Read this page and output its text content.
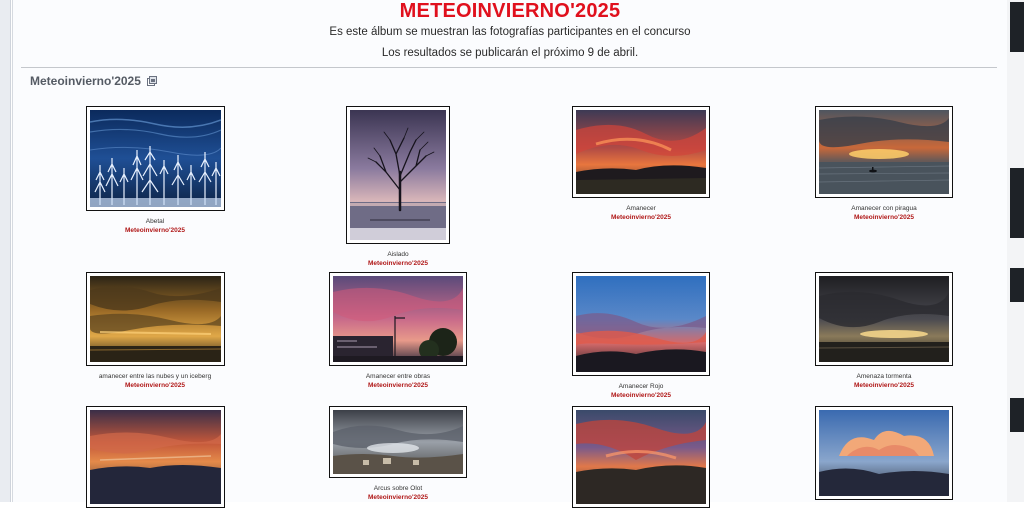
METEOINVIERNO'2025
Es este álbum se muestran las fotografías participantes en el concurso
Los resultados se publicarán el próximo 9 de abril.
Meteoinvierno'2025
Abetal
Meteoinvierno'2025
Aislado
Meteoinvierno'2025
Amanecer
Meteoinvierno'2025
Amanecer con piragua
Meteoinvierno'2025
amanecer entre las nubes y un iceberg
Meteoinvierno'2025
Amanecer entre obras
Meteoinvierno'2025	Amanecer Rojo
Meteoinvierno'2025
Amenaza tormenta
Meteoinvierno'2025
Arcus sobre Olot
Meteoinvierno'2025
